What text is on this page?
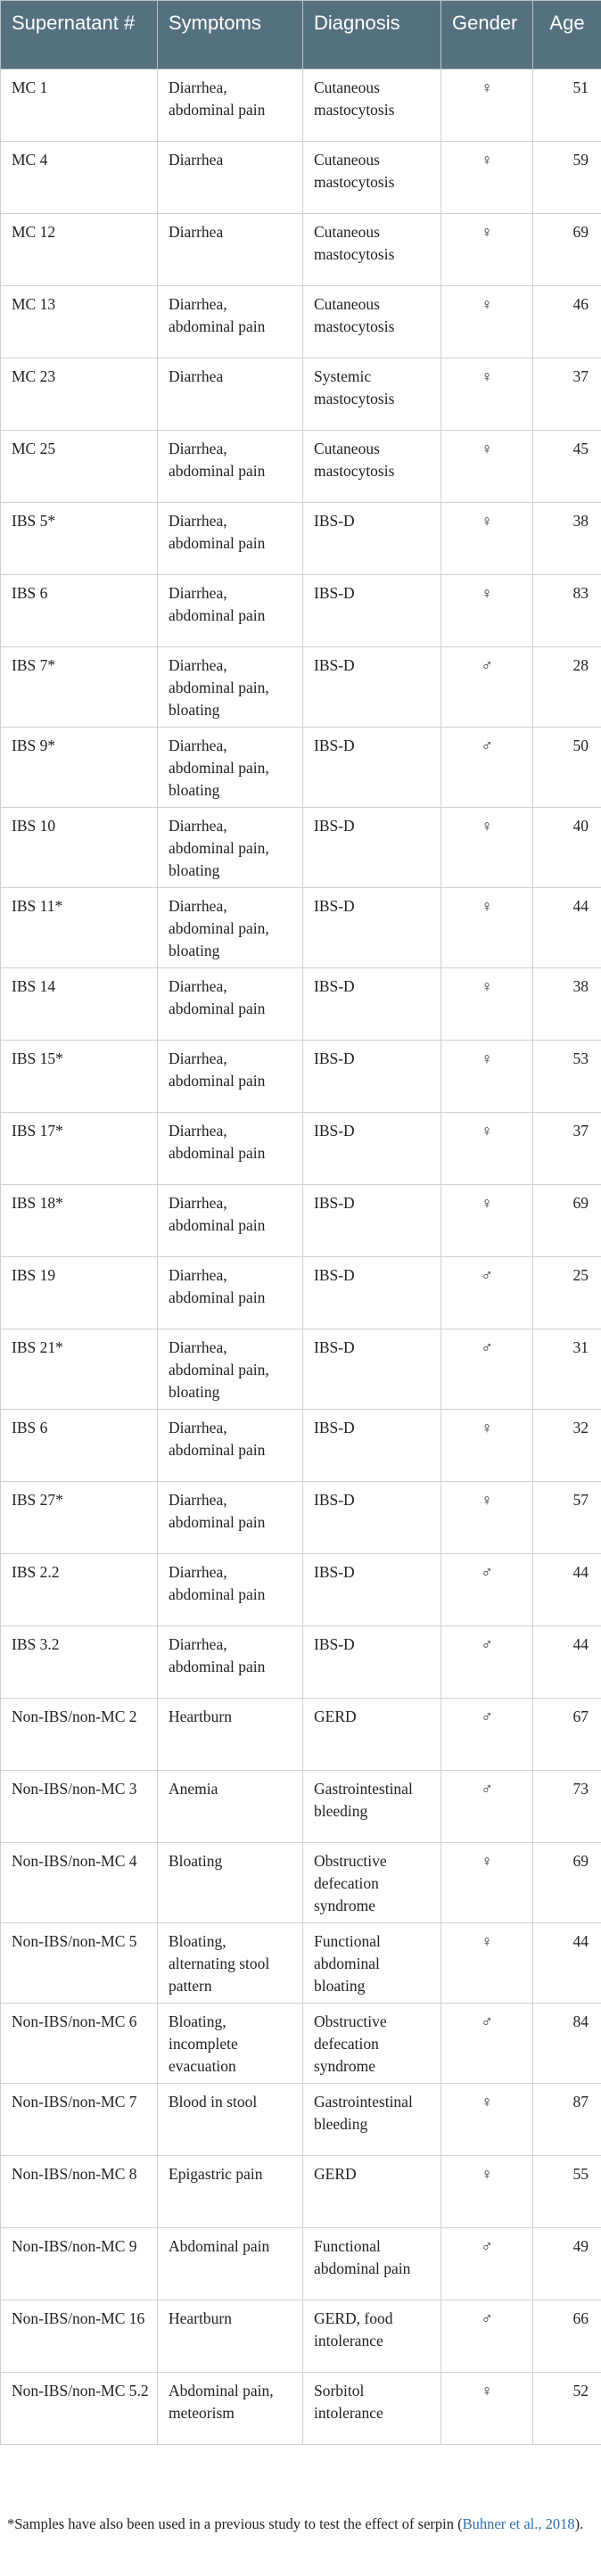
Supernatant #	Symptoms	Diagnosis	Gender	Age
MC 1	Diarrhea, abdominal pain	Cutaneous mastocytosis	♀	51
MC 4	Diarrhea	Cutaneous mastocytosis	♀	59
MC 12	Diarrhea	Cutaneous mastocytosis	♀	69
MC 13	Diarrhea, abdominal pain	Cutaneous mastocytosis	♀	46
MC 23	Diarrhea	Systemic mastocytosis	♀	37
MC 25	Diarrhea, abdominal pain	Cutaneous mastocytosis	♀	45
IBS 5*	Diarrhea, abdominal pain	IBS-D	♀	38
IBS 6	Diarrhea, abdominal pain	IBS-D	♀	83
IBS 7*	Diarrhea, abdominal pain, bloating	IBS-D	♂	28
IBS 9*	Diarrhea, abdominal pain, bloating	IBS-D	♂	50
IBS 10	Diarrhea, abdominal pain, bloating	IBS-D	♀	40
IBS 11*	Diarrhea, abdominal pain, bloating	IBS-D	♀	44
IBS 14	Diarrhea, abdominal pain	IBS-D	♀	38
IBS 15*	Diarrhea, abdominal pain	IBS-D	♀	53
IBS 17*	Diarrhea, abdominal pain	IBS-D	♀	37
IBS 18*	Diarrhea, abdominal pain	IBS-D	♀	69
IBS 19	Diarrhea, abdominal pain	IBS-D	♂	25
IBS 21*	Diarrhea, abdominal pain, bloating	IBS-D	♂	31
IBS 6	Diarrhea, abdominal pain	IBS-D	♀	32
IBS 27*	Diarrhea, abdominal pain	IBS-D	♀	57
IBS 2.2	Diarrhea, abdominal pain	IBS-D	♂	44
IBS 3.2	Diarrhea, abdominal pain	IBS-D	♂	44
Non-IBS/non-MC 2	Heartburn	GERD	♂	67
Non-IBS/non-MC 3	Anemia	Gastrointestinal bleeding	♂	73
Non-IBS/non-MC 4	Bloating	Obstructive defecation syndrome	♀	69
Non-IBS/non-MC 5	Bloating, alternating stool pattern	Functional abdominal bloating	♀	44
Non-IBS/non-MC 6	Bloating, incomplete evacuation	Obstructive defecation syndrome	♂	84
Non-IBS/non-MC 7	Blood in stool	Gastrointestinal bleeding	♀	87
Non-IBS/non-MC 8	Epigastric pain	GERD	♀	55
Non-IBS/non-MC 9	Abdominal pain	Functional abdominal pain	♂	49
Non-IBS/non-MC 16	Heartburn	GERD, food intolerance	♂	66
Non-IBS/non-MC 5.2	Abdominal pain, meteorism	Sorbitol intolerance	♀	52
*Samples have also been used in a previous study to test the effect of serpin (Buhner et al., 2018).
